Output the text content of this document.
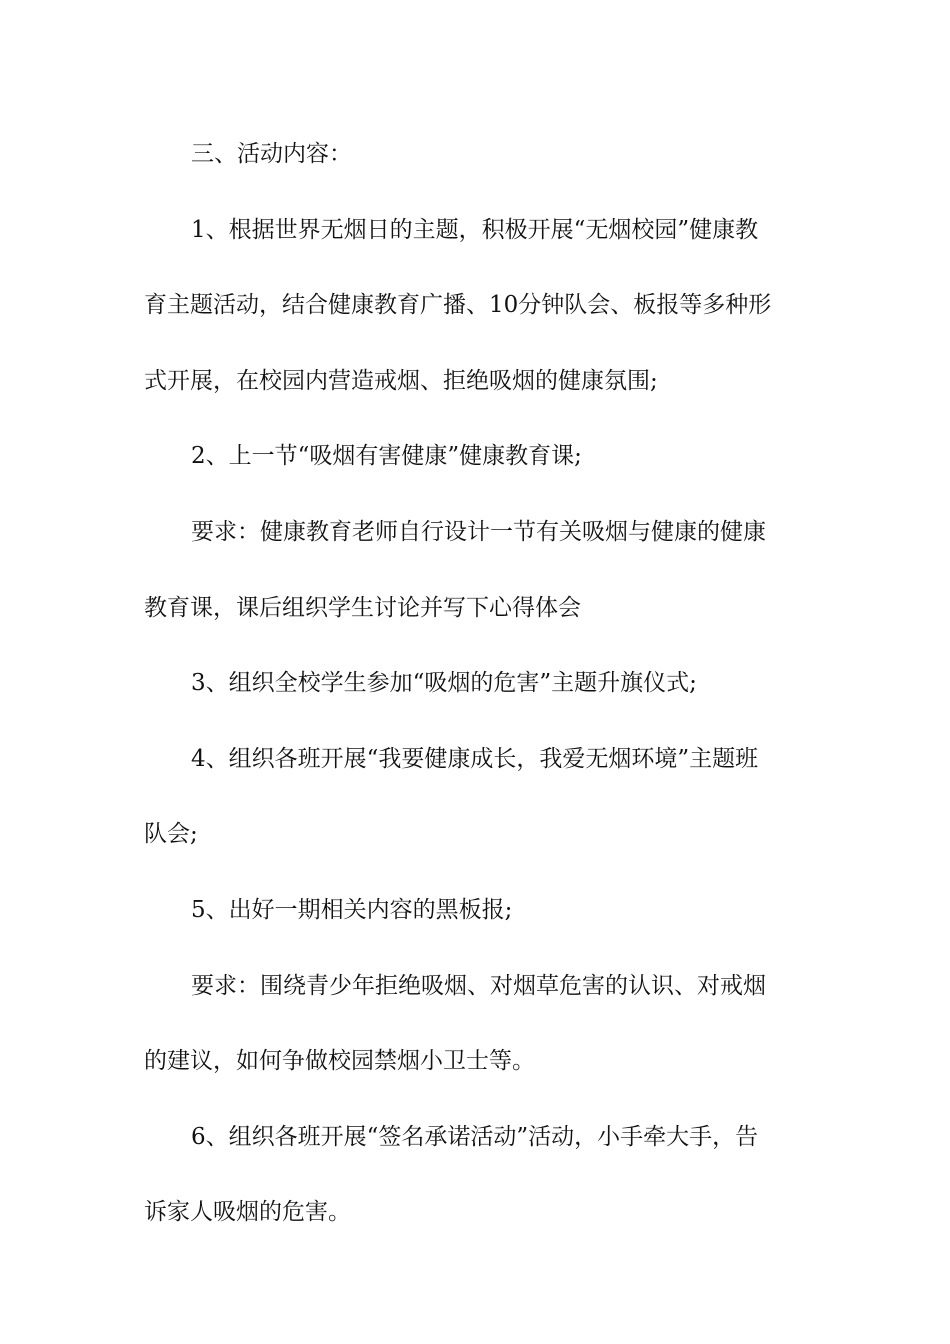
三、活动内容：
1、根据世界无烟日的主题，积极开展“无烟校园”健康教
育主题活动，结合健康教育广播、10分钟队会、板报等多种形
式开展，在校园内营造戒烟、拒绝吸烟的健康氛围;
2、上一节“吸烟有害健康”健康教育课;
要求：健康教育老师自行设计一节有关吸烟与健康的健康
教育课，课后组织学生讨论并写下心得体会
3、组织全校学生参加“吸烟的危害”主题升旗仪式;
4、组织各班开展“我要健康成长，我爱无烟环境”主题班
队会;
5、出好一期相关内容的黑板报;
要求：围绕青少年拒绝吸烟、对烟草危害的认识、对戒烟
的建议，如何争做校园禁烟小卫士等。
6、组织各班开展“签名承诺活动”活动，小手牵大手，告
诉家人吸烟的危害。
